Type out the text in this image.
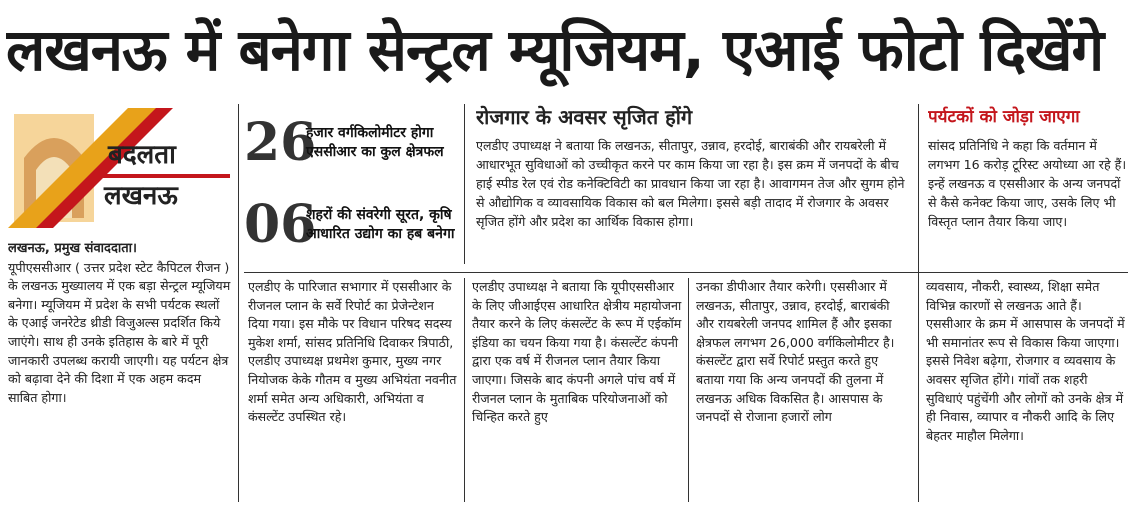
लखनऊ में बनेगा सेन्ट्रल म्यूजियम, एआई फोटो दिखेंगे
बदलता
लखनऊ
लखनऊ, प्रमुख संवाददाता।
यूपीएससीआर ( उत्तर प्रदेश स्टेट कैपिटल रीजन ) के लखनऊ मुख्यालय में एक बड़ा सेन्ट्रल म्यूजियम बनेगा। म्यूजियम में प्रदेश के सभी पर्यटक स्थलों के एआई जनरेटेड थ्रीडी विजुअल्स प्रदर्शित किये जाएंगे। साथ ही उनके इतिहास के बारे में पूरी जानकारी उपलब्ध करायी जाएगी। यह पर्यटन क्षेत्र को बढ़ावा देने की दिशा में एक अहम कदम साबित होगा।
26
हजार वर्गकिलोमीटर होगा एससीआर का कुल क्षेत्रफल
06
शहरों की संवरेगी सूरत, कृषि आधारित उद्योग का हब बनेगा
रोजगार के अवसर सृजित होंगे
एलडीए उपाध्यक्ष ने बताया कि लखनऊ, सीतापुर, उन्नाव, हरदोई, बाराबंकी और रायबरेली में आधारभूत सुविधाओं को उच्चीकृत करने पर काम किया जा रहा है। इस क्रम में जनपदों के बीच हाई स्पीड रेल एवं रोड कनेक्टिविटी का प्रावधान किया जा रहा है। आवागमन तेज और सुगम होने से औद्योगिक व व्यावसायिक विकास को बल मिलेगा। इससे बड़ी तादाद में रोजगार के अवसर सृजित होंगे और प्रदेश का आर्थिक विकास होगा।
पर्यटकों को जोड़ा जाएगा
सांसद प्रतिनिधि ने कहा कि वर्तमान में लगभग 16 करोड़ टूरिस्ट अयोध्या आ रहे हैं। इन्हें लखनऊ व एससीआर के अन्य जनपदों से कैसे कनेक्ट किया जाए, उसके लिए भी विस्तृत प्लान तैयार किया जाए।
एलडीए के पारिजात सभागार में एससीआर के रीजनल प्लान के सर्वे रिपोर्ट का प्रेजेन्टेशन दिया गया। इस मौके पर विधान परिषद सदस्य मुकेश शर्मा, सांसद प्रतिनिधि दिवाकर त्रिपाठी, एलडीए उपाध्यक्ष प्रथमेश कुमार, मुख्य नगर नियोजक केके गौतम व मुख्य अभियंता नवनीत शर्मा समेत अन्य अधिकारी, अभियंता व कंसल्टेंट उपस्थित रहे।
एलडीए उपाध्यक्ष ने बताया कि यूपीएससीआर के लिए जीआईएस आधारित क्षेत्रीय महायोजना तैयार करने के लिए कंसल्टेंट के रूप में एईकॉम इंडिया का चयन किया गया है। कंसल्टेंट कंपनी द्वारा एक वर्ष में रीजनल प्लान तैयार किया जाएगा। जिसके बाद कंपनी अगले पांच वर्ष में रीजनल प्लान के मुताबिक परियोजनाओं को चिन्हित करते हुए
उनका डीपीआर तैयार करेगी। एससीआर में लखनऊ, सीतापुर, उन्नाव, हरदोई, बाराबंकी और रायबरेली जनपद शामिल हैं और इसका क्षेत्रफल लगभग 26,000 वर्गकिलोमीटर है। कंसल्टेंट द्वारा सर्वे रिपोर्ट प्रस्तुत करते हुए बताया गया कि अन्य जनपदों की तुलना में लखनऊ अधिक विकसित है। आसपास के जनपदों से रोजाना हजारों लोग
व्यवसाय, नौकरी, स्वास्थ्य, शिक्षा समेत विभिन्न कारणों से लखनऊ आते हैं। एससीआर के क्रम में आसपास के जनपदों में भी समानांतर रूप से विकास किया जाएगा। इससे निवेश बढ़ेगा, रोजगार व व्यवसाय के अवसर सृजित होंगे। गांवों तक शहरी सुविधाएं पहुंचेंगी और लोगों को उनके क्षेत्र में ही निवास, व्यापार व नौकरी आदि के लिए बेहतर माहौल मिलेगा।
